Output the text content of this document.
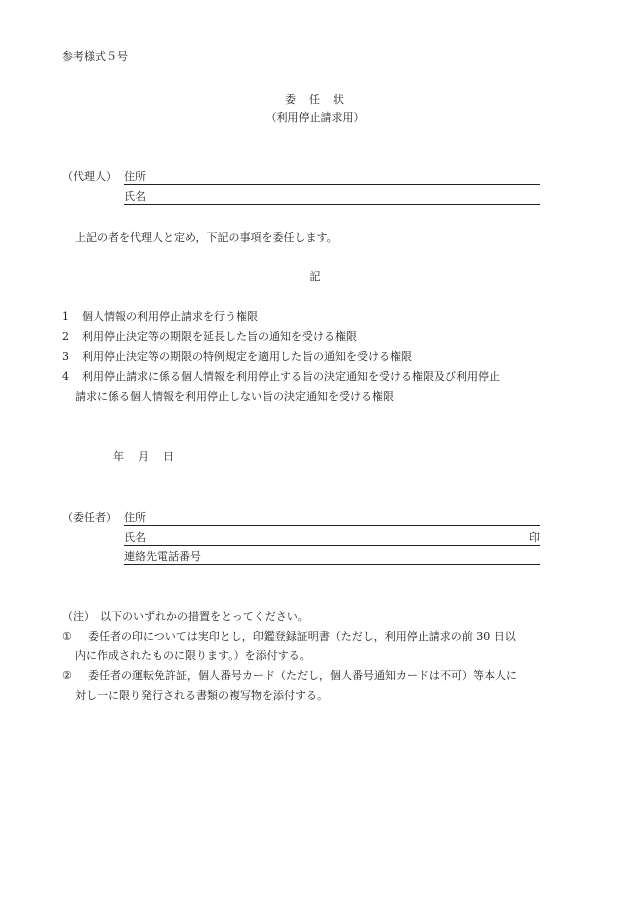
参考様式５号
委　任　状
（利用停止請求用）
（代理人） 住所
氏名
上記の者を代理人と定め，下記の事項を委任します。
記
1 個人情報の利用停止請求を行う権限
2 利用停止決定等の期限を延長した旨の通知を受ける権限
3 利用停止決定等の期限の特例規定を適用した旨の通知を受ける権限
4 利用停止請求に係る個人情報を利用停止する旨の決定通知を受ける権限及び利用停止
請求に係る個人情報を利用停止しない旨の決定通知を受ける権限
年 月 日
（委任者） 住所
氏名	印
連絡先電話番号
（注） 以下のいずれかの措置をとってください。
① 委任者の印については実印とし，印鑑登録証明書（ただし，利用停止請求の前 30 日以
内に作成されたものに限ります。）を添付する。
② 委任者の運転免許証，個人番号カード（ただし，個人番号通知カードは不可）等本人に
対し一に限り発行される書類の複写物を添付する。
